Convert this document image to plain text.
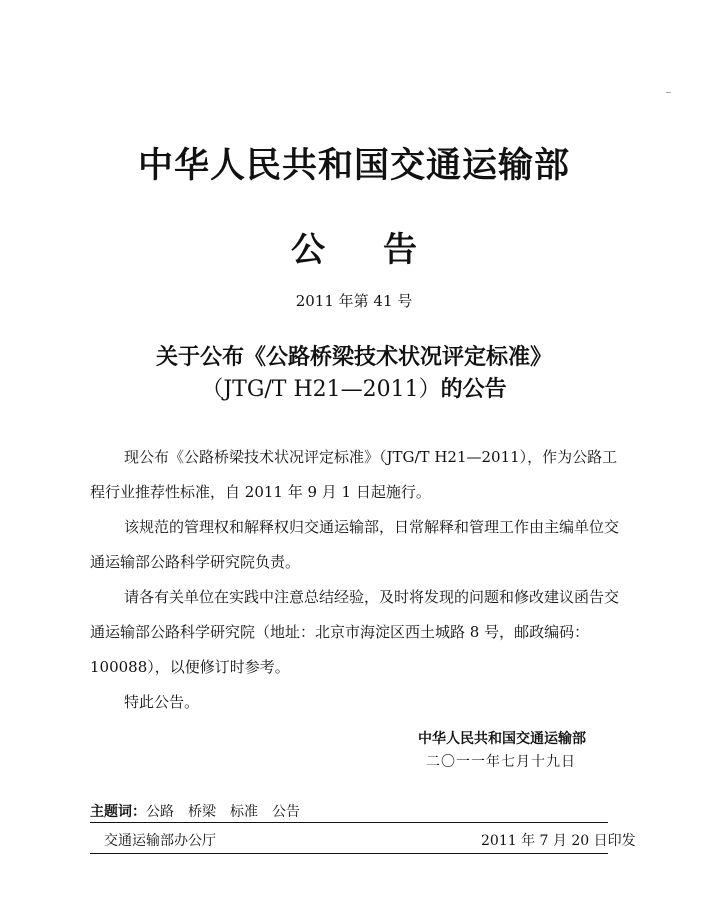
~
中华人民共和国交通运输部
公告
2011 年第 41 号
关于公布《公路桥梁技术状况评定标准》
（JTG/T H21—2011）的公告

现公布《公路桥梁技术状况评定标准》（JTG/T H21—2011），作为公路工程行业推荐性标准，自 2011 年 9 月 1 日起施行。

该规范的管理权和解释权归交通运输部，日常解释和管理工作由主编单位交通运输部公路科学研究院负责。

请各有关单位在实践中注意总结经验，及时将发现的问题和修改建议函告交通运输部公路科学研究院（地址：北京市海淀区西土城路 8 号，邮政编码：100088），以便修订时参考。

特此公告。

中华人民共和国交通运输部
二〇一一年七月十九日
主题词：公路 桥梁 标准 公告
交通运输部办公厅	2011 年 7 月 20 日印发
